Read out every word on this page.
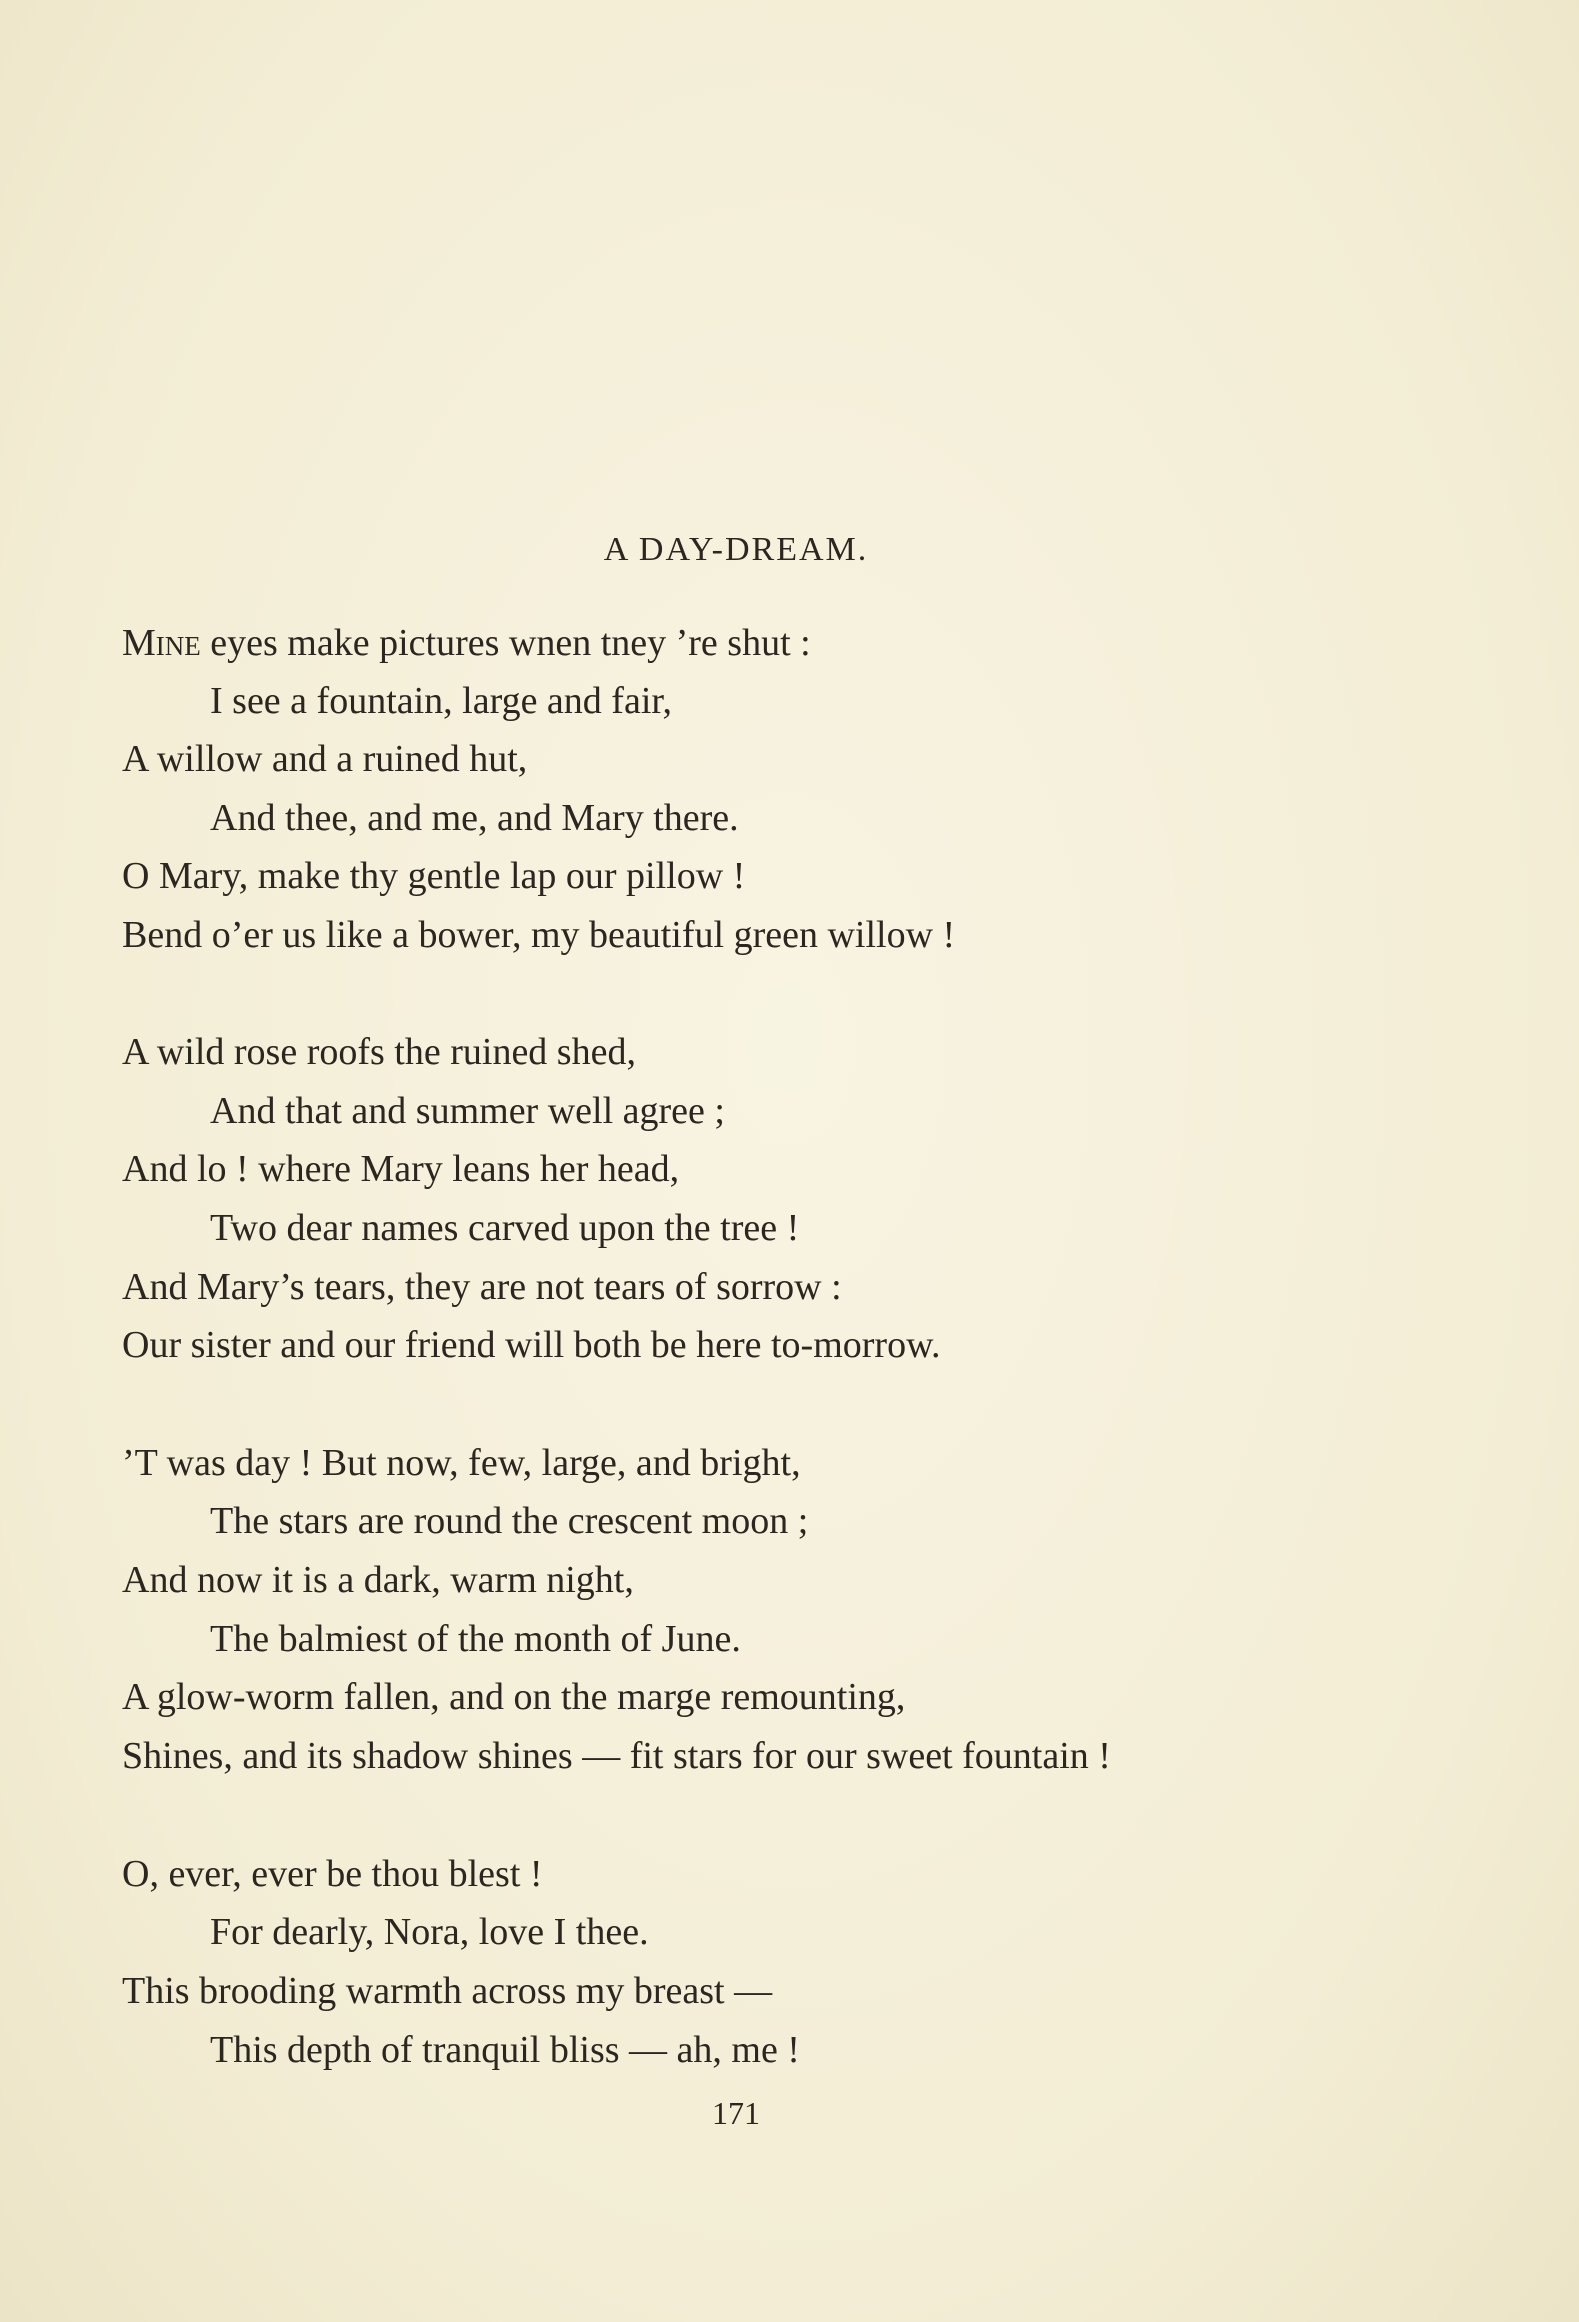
A DAY-DREAM.
Mine eyes make pictures wnen tney ’re shut :
I see a fountain, large and fair,
A willow and a ruined hut,
And thee, and me, and Mary there.
O Mary, make thy gentle lap our pillow !
Bend o’er us like a bower, my beautiful green willow !
A wild rose roofs the ruined shed,
And that and summer well agree ;
And lo ! where Mary leans her head,
Two dear names carved upon the tree !
And Mary’s tears, they are not tears of sorrow :
Our sister and our friend will both be here to-morrow.
’T was day ! But now, few, large, and bright,
The stars are round the crescent moon ;
And now it is a dark, warm night,
The balmiest of the month of June.
A glow-worm fallen, and on the marge remounting,
Shines, and its shadow shines — fit stars for our sweet fountain !
O, ever, ever be thou blest !
For dearly, Nora, love I thee.
This brooding warmth across my breast —
This depth of tranquil bliss — ah, me !
171
